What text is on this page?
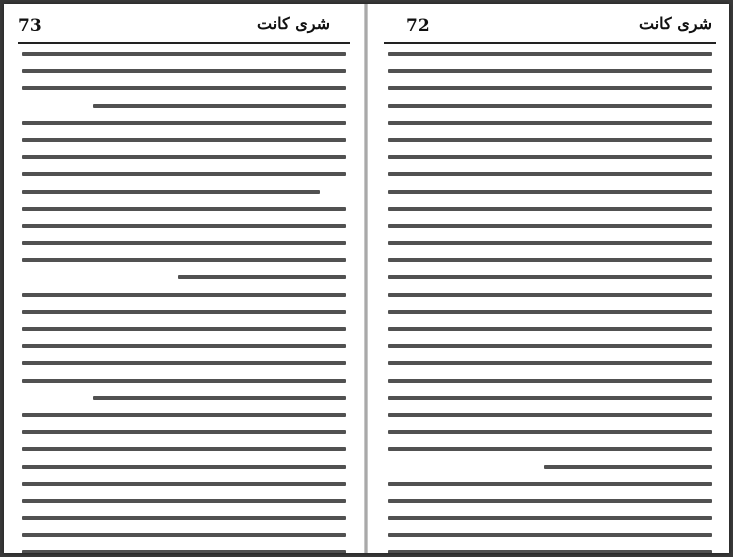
73	شری کانت	72	شری کانت
